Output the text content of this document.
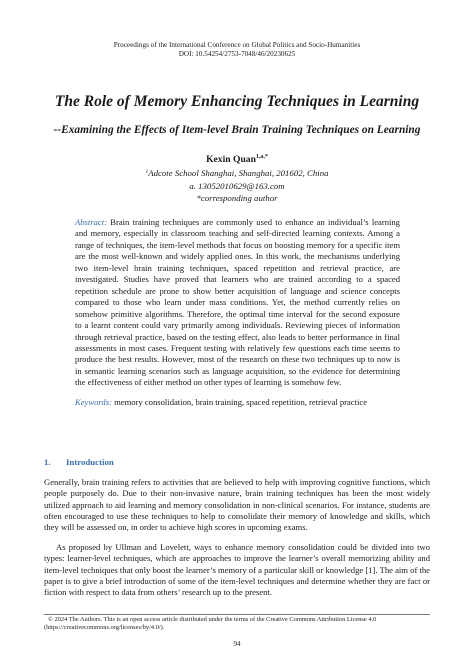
Proceedings of the International Conference on Global Politics and Socio-Humanities
DOI: 10.54254/2753-7048/46/20230625
The Role of Memory Enhancing Techniques in Learning
--Examining the Effects of Item-level Brain Training Techniques on Learning
Kexin Quan$^{1,a,*}$
$^1$Adcote School Shanghai, Shanghai, 201602, China
a. 13052010629@163.com
*corresponding author

Abstract: Brain training techniques are commonly used to enhance an individual’s learning and memory, especially in classroom teaching and self-directed learning contexts. Among a range of techniques, the item-level methods that focus on boosting memory for a specific item are the most well-known and widely applied ones. In this work, the mechanisms underlying two item-level brain training techniques, spaced repetition and retrieval practice, are investigated. Studies have proved that learners who are trained according to a spaced repetition schedule are prone to show better acquisition of language and science concepts compared to those who learn under mass conditions. Yet, the method currently relies on somehow primitive algorithms. Therefore, the optimal time interval for the second exposure to a learnt content could vary primarily among individuals. Reviewing pieces of information through retrieval practice, based on the testing effect, also leads to better performance in final assessments in most cases. Frequent testing with relatively few questions each time seems to produce the best results. However, most of the research on these two techniques up to now is in semantic learning scenarios such as language acquisition, so the evidence for determining the effectiveness of either method on other types of learning is somehow few.

Keywords: memory consolidation, brain training, spaced repetition, retrieval practice

1. Introduction

Generally, brain training refers to activities that are believed to help with improving cognitive functions, which people purposely do. Due to their non-invasive nature, brain training techniques has been the most widely utilized approach to aid learning and memory consolidation in non-clinical scenarios. For instance, students are often encouraged to use these techniques to help to consolidate their memory of knowledge and skills, which they will be assessed on, in order to achieve high scores in upcoming exams.

As proposed by Ullman and Lovelett, ways to enhance memory consolidation could be divided into two types: learner-level techniques, which are approaches to improve the learner’s overall memorizing ability and item-level techniques that only boost the learner’s memory of a particular skill or knowledge [1]. The aim of the paper is to give a brief introduction of some of the item-level techniques and determine whether they are fact or fiction with respect to data from others’ research up to the present.

© 2024 The Authors. This is an open access article distributed under the terms of the Creative Commons Attribution License 4.0
(https://creativecommons.org/licenses/by/4.0/).
94
